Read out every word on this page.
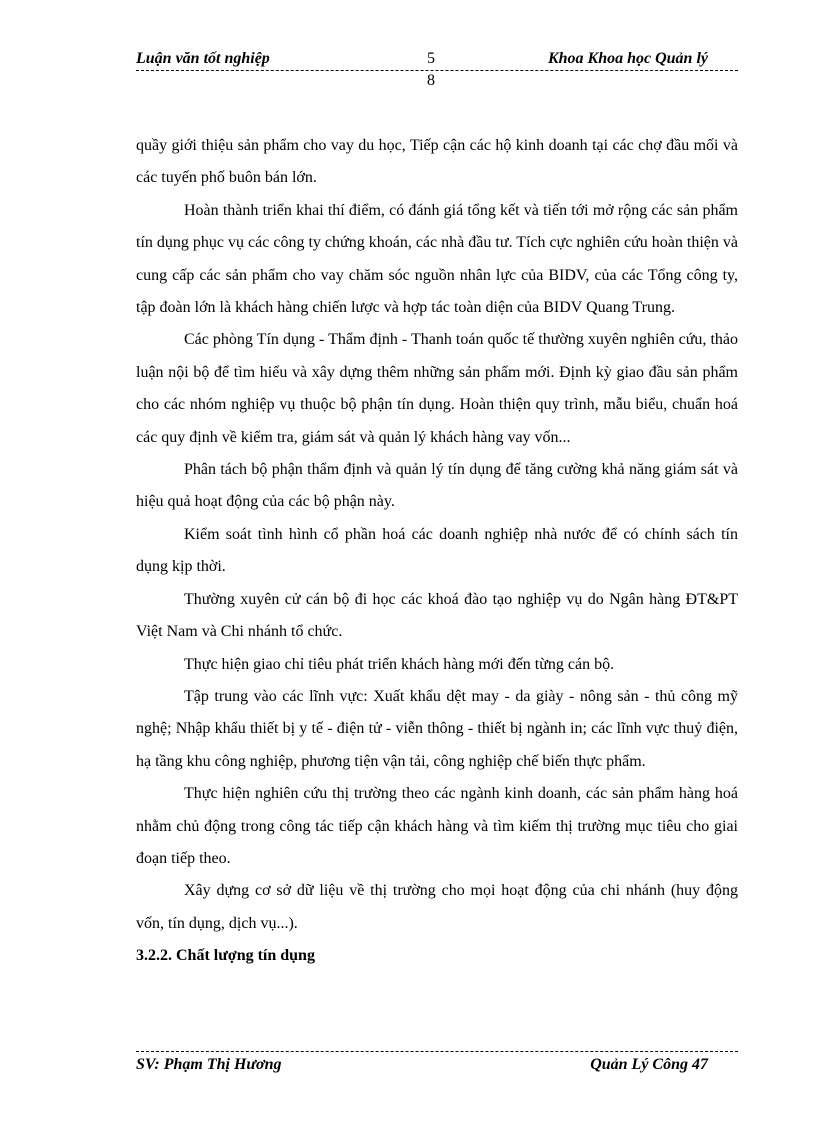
Luận văn tốt nghiệp	5
8
Khoa Khoa học Quản lý

quầy giới thiệu sản phẩm cho vay du học, Tiếp cận các hộ kinh doanh tại các chợ đầu mối và các tuyến phố buôn bán lớn.

Hoàn thành triển khai thí điểm, có đánh giá tổng kết và tiến tới mở rộng các sản phẩm tín dụng phục vụ các công ty chứng khoán, các nhà đầu tư. Tích cực nghiên cứu hoàn thiện và cung cấp các sản phẩm cho vay chăm sóc nguồn nhân lực của BIDV, của các Tổng công ty, tập đoàn lớn là khách hàng chiến lược và hợp tác toàn diện của BIDV Quang Trung.

Các phòng Tín dụng - Thẩm định - Thanh toán quốc tế thường xuyên nghiên cứu, thảo luận nội bộ để tìm hiểu và xây dựng thêm những sản phẩm mới. Định kỳ giao đầu sản phẩm cho các nhóm nghiệp vụ thuộc bộ phận tín dụng. Hoàn thiện quy trình, mẫu biểu, chuẩn hoá các quy định về kiểm tra, giám sát và quản lý khách hàng vay vốn...

Phân tách bộ phận thẩm định và quản lý tín dụng để tăng cường khả năng giám sát và hiệu quả hoạt động của các bộ phận này.

Kiểm soát tình hình cổ phần hoá các doanh nghiệp nhà nước để có chính sách tín dụng kịp thời.

Thường xuyên cử cán bộ đi học các khoá đào tạo nghiệp vụ do Ngân hàng ĐT&PT Việt Nam và Chi nhánh tổ chức.

Thực hiện giao chỉ tiêu phát triển khách hàng mới đến từng cán bộ.

Tập trung vào các lĩnh vực: Xuất khẩu dệt may - da giày - nông sản - thủ công mỹ nghệ; Nhập khẩu thiết bị y tế - điện tử - viễn thông - thiết bị ngành in; các lĩnh vực thuỷ điện, hạ tầng khu công nghiệp, phương tiện vận tải, công nghiệp chế biến thực phẩm.

Thực hiện nghiên cứu thị trường theo các ngành kinh doanh, các sản phẩm hàng hoá nhằm chủ động trong công tác tiếp cận khách hàng và tìm kiếm thị trường mục tiêu cho giai đoạn tiếp theo.

Xây dựng cơ sở dữ liệu về thị trường cho mọi hoạt động của chi nhánh (huy động vốn, tín dụng, dịch vụ...).

3.2.2. Chất lượng tín dụng

SV: Phạm Thị Hương	Quản Lý Công 47
